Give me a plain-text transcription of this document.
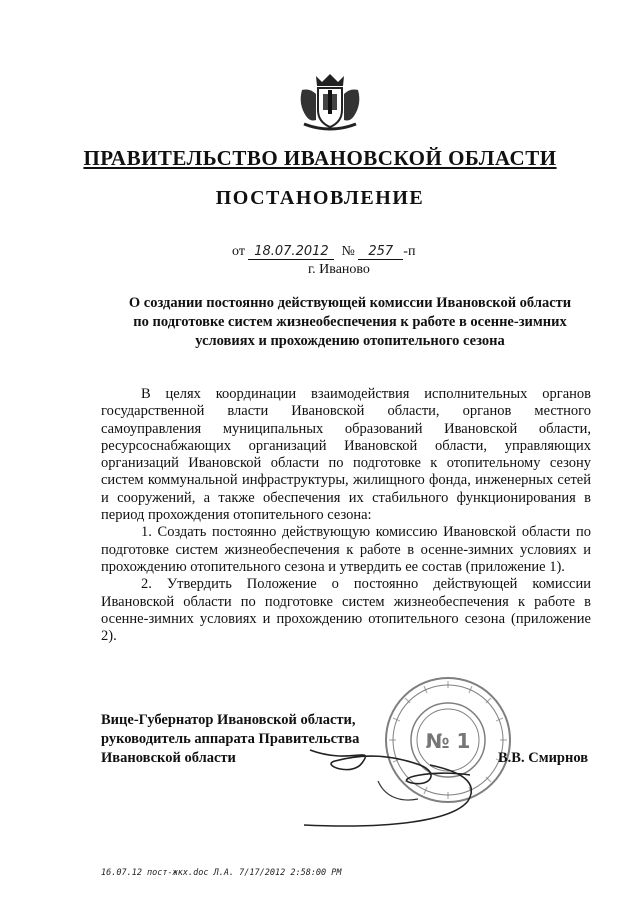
ПРАВИТЕЛЬСТВО ИВАНОВСКОЙ ОБЛАСТИ
ПОСТАНОВЛЕНИЕ
от 18.07.2012 № 257 -п
г. Иваново
О создании постоянно действующей комиссии Ивановской области
по подготовке систем жизнеобеспечения к работе в осенне-зимних
условиях и прохождению отопительного сезона

В целях координации взаимодействия исполнительных органов государственной власти Ивановской области, органов местного самоуправления муниципальных образований Ивановской области, ресурсоснабжающих организаций Ивановской области, управляющих организаций Ивановской области по подготовке к отопительному сезону систем коммунальной инфраструктуры, жилищного фонда, инженерных сетей и сооружений, а также обеспечения их стабильного функционирования в период прохождения отопительного сезона:

1. Создать постоянно действующую комиссию Ивановской области по подготовке систем жизнеобеспечения к работе в осенне-зимних условиях и прохождению отопительного сезона и утвердить ее состав (приложение 1).

2. Утвердить Положение о постоянно действующей комиссии Ивановской области по подготовке систем жизнеобеспечения к работе в осенне-зимних условиях и прохождению отопительного сезона (приложение 2).

Вице-Губернатор Ивановской области,
руководитель аппарата Правительства
Ивановской области
№ 1
В.В. Смирнов
16.07.12 пост-жкх.doc Л.А. 7/17/2012 2:58:00 PM
